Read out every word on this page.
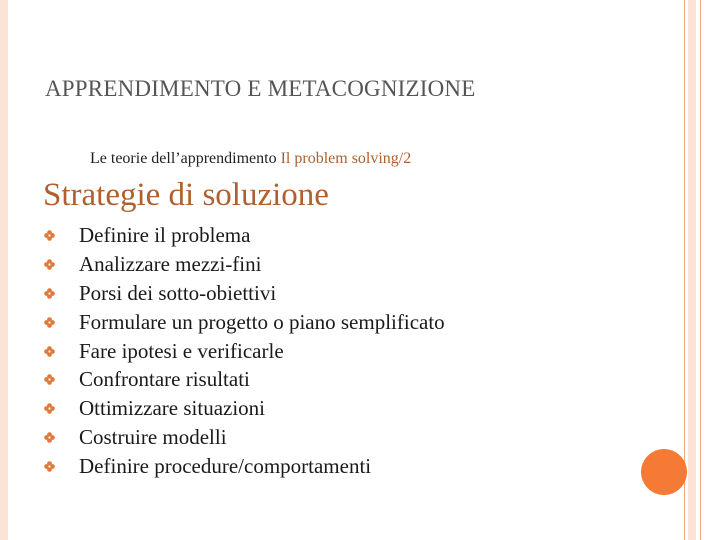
APPRENDIMENTO E METACOGNIZIONE
Le teorie dell’apprendimento Il problem solving/2
Strategie di soluzione
Definire il problema
Analizzare mezzi-fini
Porsi dei sotto-obiettivi
Formulare un progetto o piano semplificato
Fare ipotesi e verificarle
Confrontare risultati
Ottimizzare situazioni
Costruire modelli
Definire procedure/comportamenti
